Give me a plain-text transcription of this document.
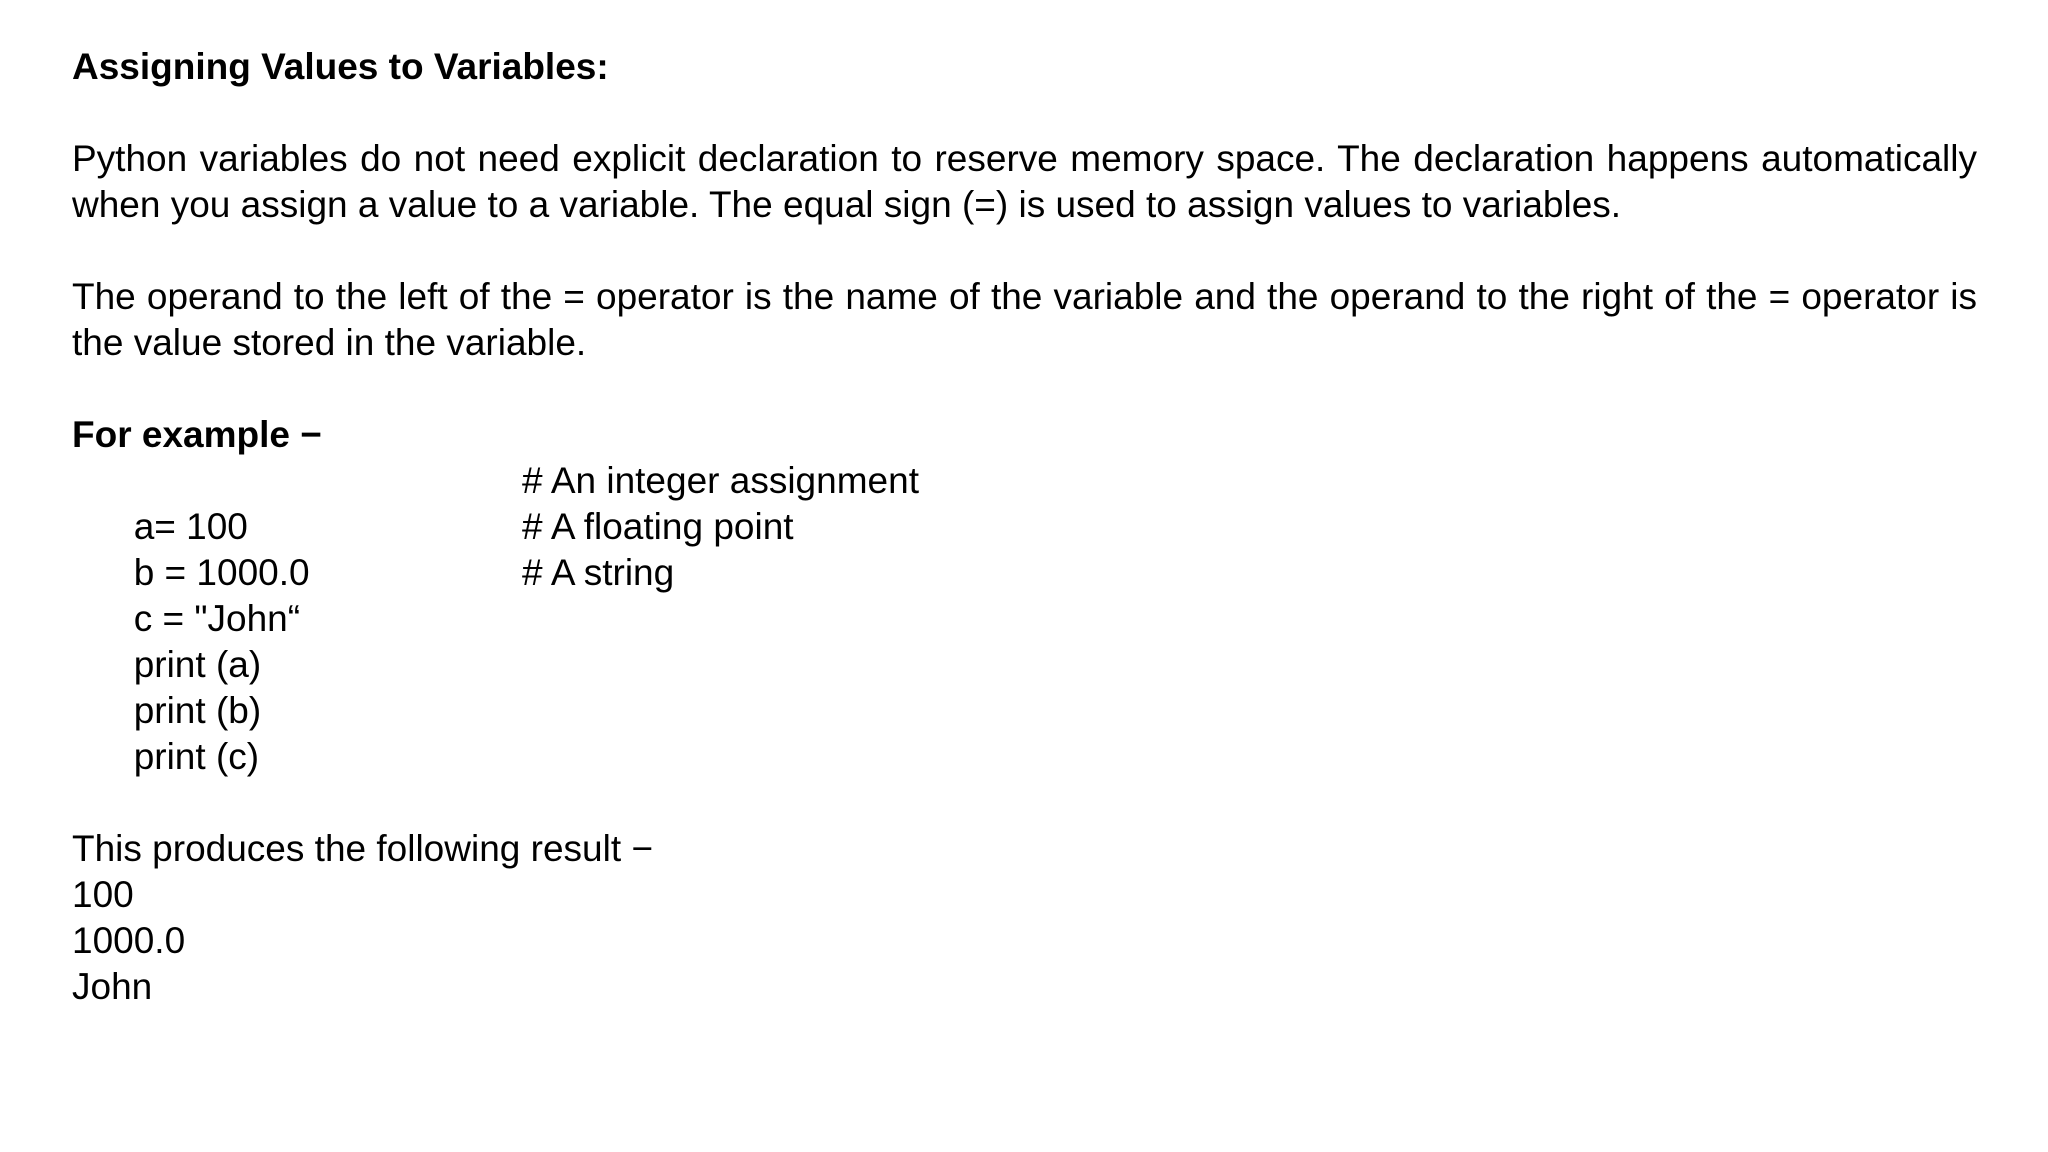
Assigning Values to Variables:

Python variables do not need explicit declaration to reserve memory space. The declaration happens automatically when you assign a value to a variable. The equal sign (=) is used to assign values to variables.

The operand to the left of the = operator is the name of the variable and the operand to the right of the = operator is the value stored in the variable.

For example −

a= 100

# An integer assignment

b = 1000.0

# A floating point

c = "John“

# A string

print (a)

print (b)

print (c)

This produces the following result −
100
1000.0
John
